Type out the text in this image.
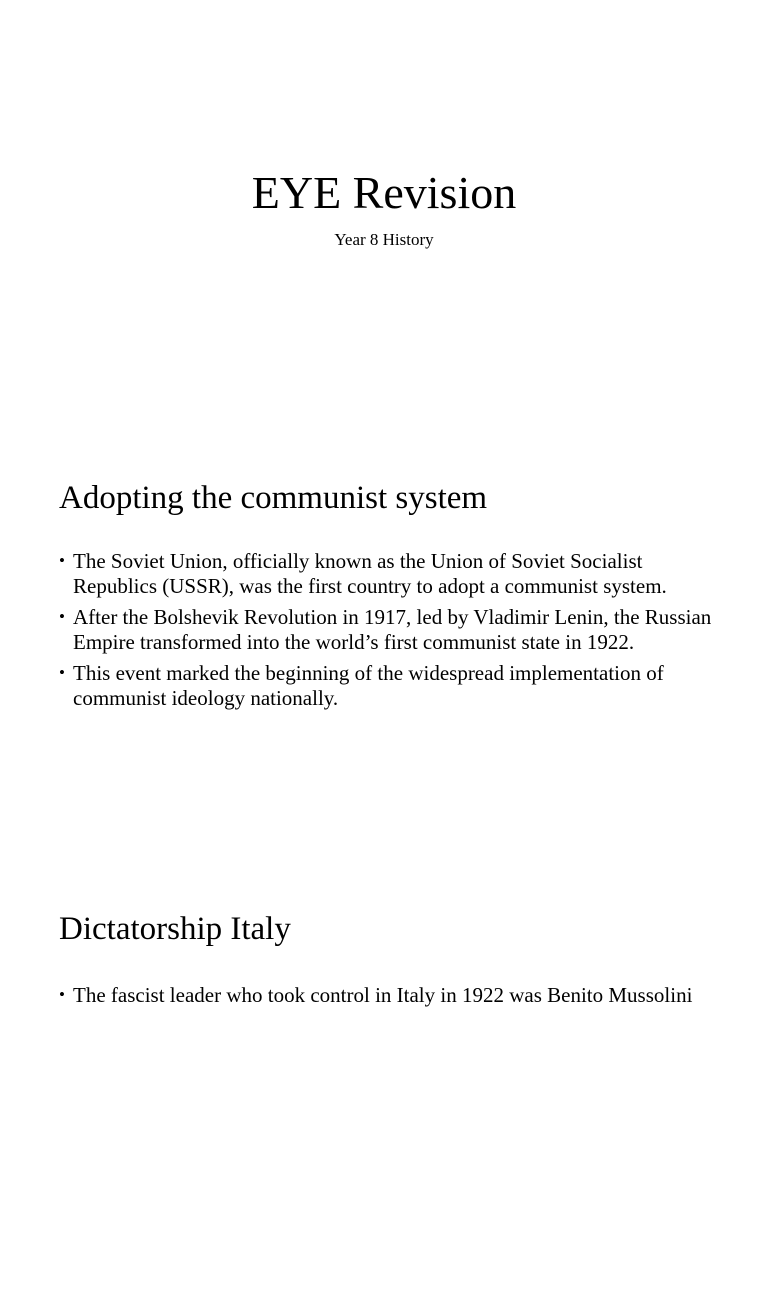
EYE Revision

Year 8 History

Adopting the communist system
• The Soviet Union, officially known as the Union of Soviet Socialist Republics (USSR), was the first country to adopt a communist system.
• After the Bolshevik Revolution in 1917, led by Vladimir Lenin, the Russian Empire transformed into the world’s first communist state in 1922.
• This event marked the beginning of the widespread implementation of communist ideology nationally.
Dictatorship Italy
• The fascist leader who took control in Italy in 1922 was Benito Mussolini
